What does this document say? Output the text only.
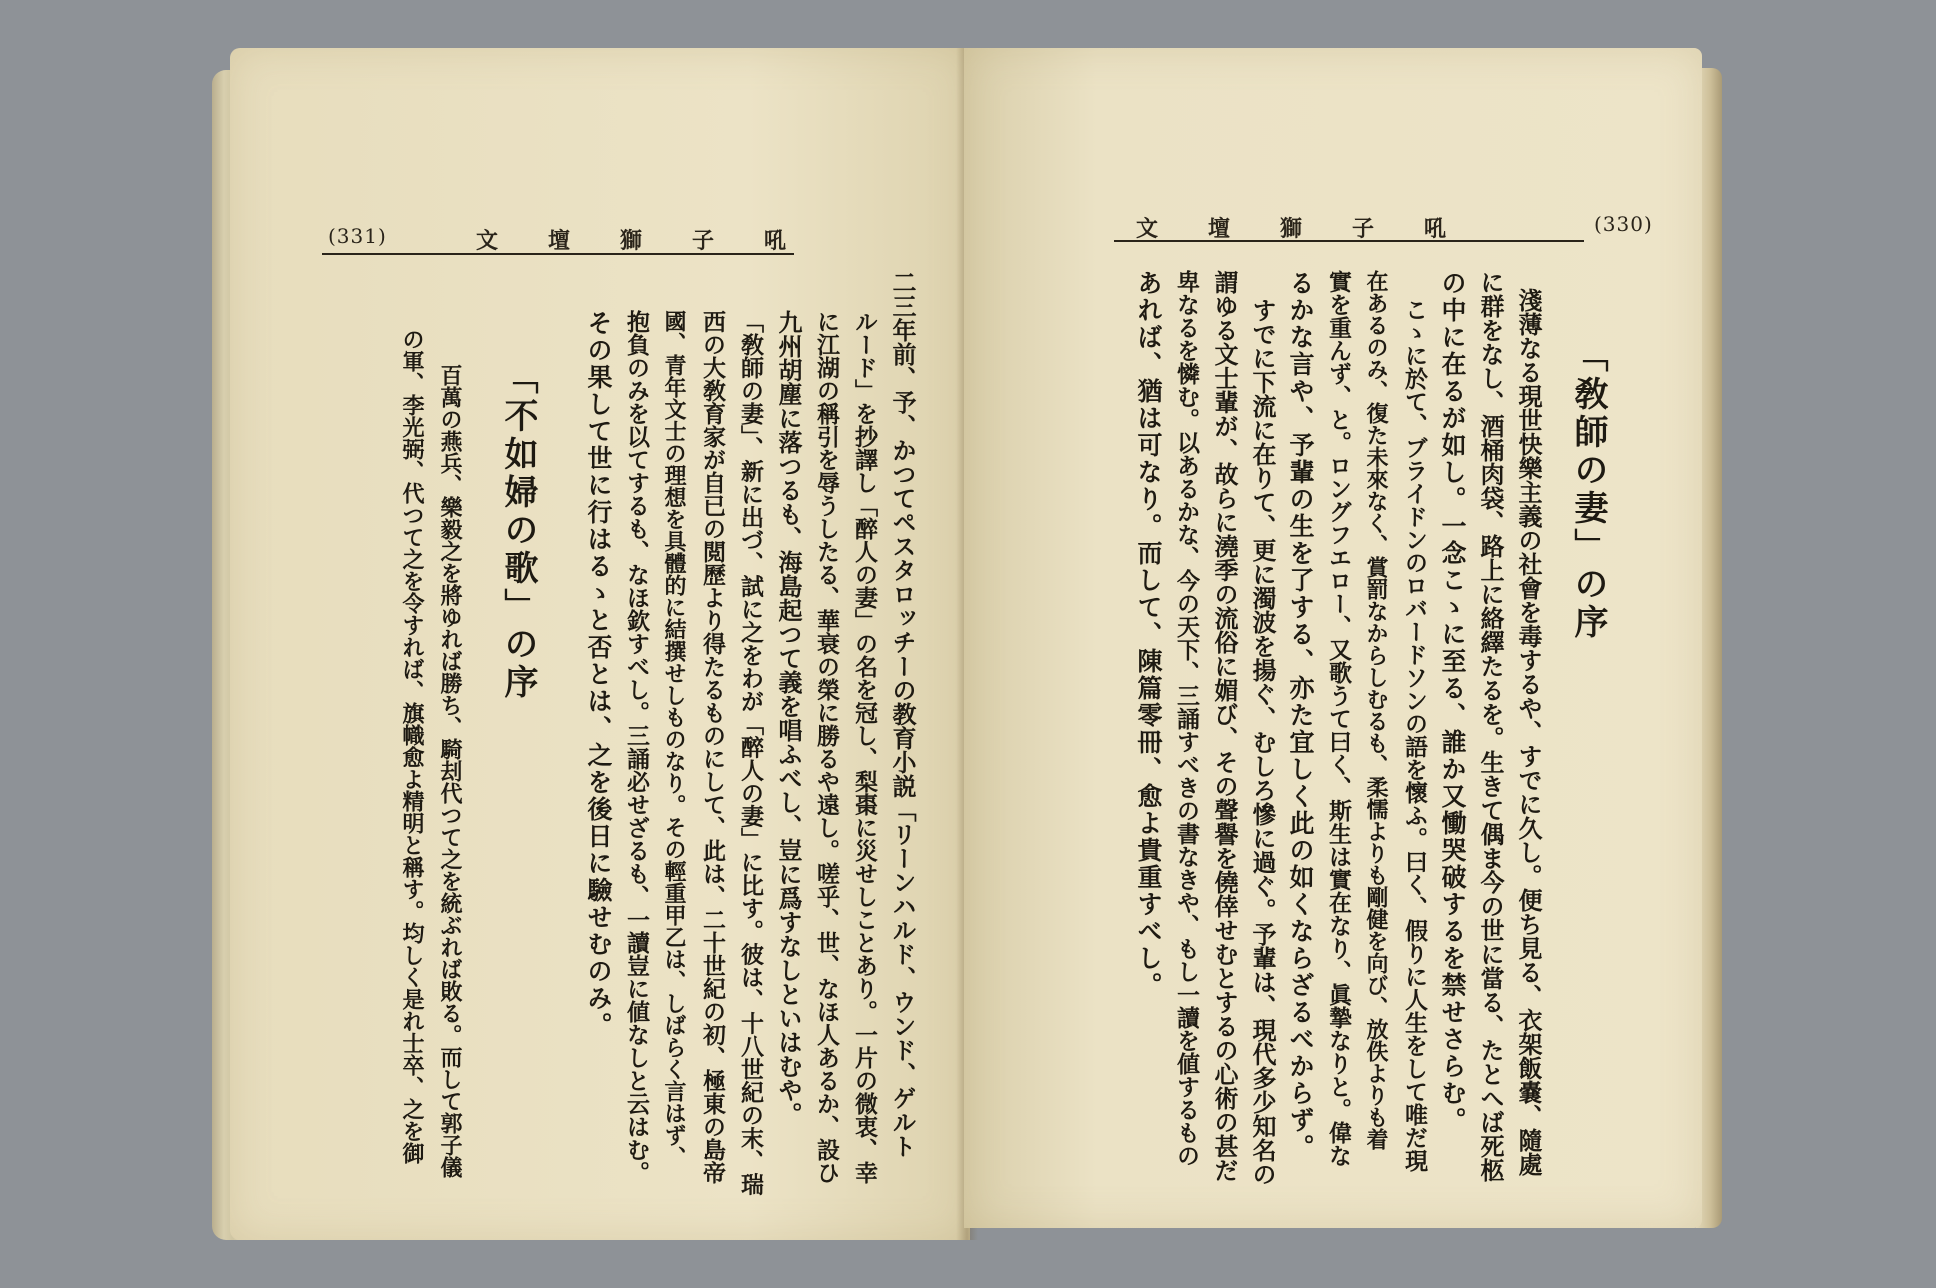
(331)	文壇獅子吼
二三年前、予、かつてペスタロッチーの教育小説「リーンハルド、ウンド、ゲルト
ルード」を抄譯し「醉人の妻」の名を冠し、梨棗に災せしことあり。一片の微衷、幸
に江湖の稱引を辱うしたる、華衰の榮に勝るや遠し。嗟乎、世、なほ人あるか、設ひ
九州胡塵に落つるも、海島起つて義を唱ふべし、豈に爲すなしといはむや。
「敎師の妻」、新に出づ、試に之をわが「醉人の妻」に比す。彼は、十八世紀の末、瑞
西の大敎育家が自已の閲歷より得たるものにして、此は、二十世紀の初、極東の島帝
國、青年文士の理想を具體的に結撰せしものなり。その輕重甲乙は、しばらく言はず、
抱負のみを以てするも、なほ欽すべし。三誦必せざるも、一讀豈に値なしと云はむ。
その果して世に行はるゝと否とは、之を後日に驗せむのみ。
「不如婦の歌」の序
百萬の燕兵、樂毅之を將ゆれば勝ち、騎刦代つて之を統ぶれば敗る。而して郭子儀
の軍、李光弼、代つて之を令すれば、旗幟愈よ精明と稱す。均しく是れ士卒、之を御
文壇獅子吼	(330)
「敎師の妻」の序
淺薄なる現世快樂主義の社會を毒するや、すでに久し。便ち見る、衣架飯嚢、隨處
に群をなし、酒桶肉袋、路上に絡繹たるを。生きて偶ま今の世に當る、たとへば死柩
の中に在るが如し。一念こゝに至る、誰か又慟哭破するを禁せさらむ。
こゝに於て、ブライドンのロバードソンの語を懷ふ。曰く、假りに人生をして唯だ現
在あるのみ、復た未來なく、賞罰なからしむるも、柔懦よりも剛健を向び、放佚よりも着
實を重んず、と。ロングフエロー、又歌うて曰く、斯生は實在なり、眞摯なりと。偉な
るかな言や、予輩の生を了する、亦た宜しく此の如くならざるべからず。
すでに下流に在りて、更に濁波を揚ぐ、むしろ慘に過ぐ。予輩は、現代多少知名の
謂ゆる文士輩が、故らに澆季の流俗に媚び、その聲譽を僥倖せむとするの心術の甚だ
卑なるを憐む。以あるかな、今の天下、三誦すべきの書なきや、もし一讀を値するもの
あれば、猶は可なり。而して、陳篇零冊、愈よ貴重すべし。
